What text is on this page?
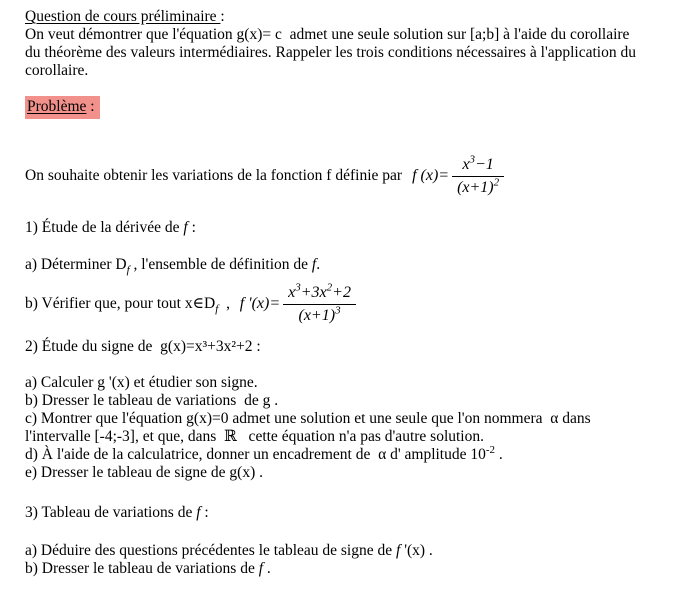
Question de cours préliminaire :
On veut démontrer que l'équation g(x)= c  admet une seule solution sur [a;b] à l'aide du corollaire
du théorème des valeurs intermédiaires. Rappeler les trois conditions nécessaires à l'application du
corollaire.
Problème :
On souhaite obtenir les variations de la fonction f définie par f $(x)= \frac{x^3-1}{(x+1)^2}$
1) Étude de la dérivée de f :
a) Déterminer $D_f$ , l'ensemble de définition de f.
b) Vérifier que, pour tout $x\in D_f$  , f '$(x)= \frac{x^3+3x^2+2}{(x+1)^3}$
2) Étude du signe de  g(x)=x³+3x²+2 :
a) Calculer g '(x) et étudier son signe.
b) Dresser le tableau de variations  de g .
c) Montrer que l'équation g(x)=0 admet une solution et une seule que l'on nommera  α dans
l'intervalle [-4;-3], et que, dans  ℝ   cette équation n'a pas d'autre solution.
d) À l'aide de la calculatrice, donner un encadrement de  α d' amplitude $10^{-2}$ .
e) Dresser le tableau de signe de g(x) .
3) Tableau de variations de f :
a) Déduire des questions précédentes le tableau de signe de f '(x) .
b) Dresser le tableau de variations de f .
